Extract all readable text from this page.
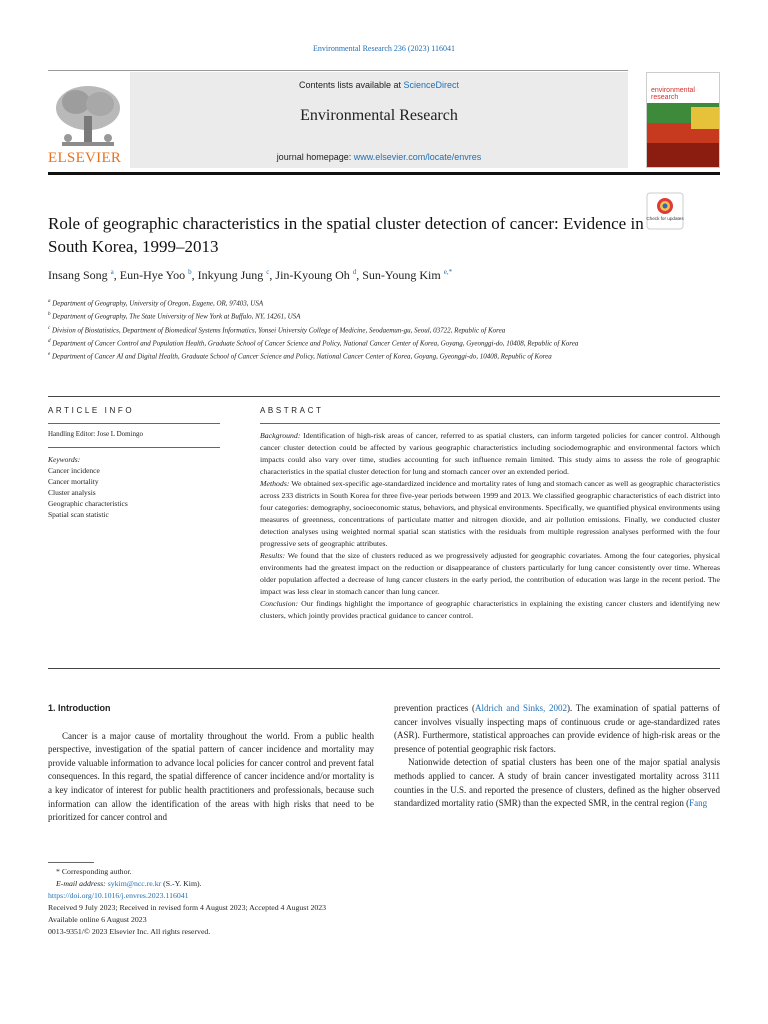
Environmental Research 236 (2023) 116041
ELSEVIER
Contents lists available at ScienceDirect
Environmental Research
journal homepage: www.elsevier.com/locate/envres
environmental
research
Role of geographic characteristics in the spatial cluster detection of cancer: Evidence in South Korea, 1999–2013
Check for updates
Insang Song $^a$, Eun-Hye Yoo $^b$, Inkyung Jung $^c$, Jin-Kyoung Oh $^d$, Sun-Young Kim $^{e,*}$
$^a$ Department of Geography, University of Oregon, Eugene, OR, 97403, USA
$^b$ Department of Geography, The State University of New York at Buffalo, NY, 14261, USA
$^c$ Division of Biostatistics, Department of Biomedical Systems Informatics, Yonsei University College of Medicine, Seodaemun-gu, Seoul, 03722, Republic of Korea
$^d$ Department of Cancer Control and Population Health, Graduate School of Cancer Science and Policy, National Cancer Center of Korea, Goyang, Gyeonggi-do, 10408, Republic of Korea
$^e$ Department of Cancer AI and Digital Health, Graduate School of Cancer Science and Policy, National Cancer Center of Korea, Goyang, Gyeonggi-do, 10408, Republic of Korea
ARTICLE INFO	ABSTRACT
Handling Editor: Jose L Domingo
Keywords:
Cancer incidence
Cancer mortality
Cluster analysis
Geographic characteristics
Spatial scan statistic
Background: Identification of high-risk areas of cancer, referred to as spatial clusters, can inform targeted policies for cancer control. Although cancer cluster detection could be affected by various geographic characteristics including sociodemographic and environmental factors which impacts could also vary over time, studies accounting for such influence remain limited. This study aims to assess the role of geographic characteristics in the spatial cluster detection for lung and stomach cancer over an extended period.
Methods: We obtained sex-specific age-standardized incidence and mortality rates of lung and stomach cancer as well as geographic characteristics across 233 districts in South Korea for three five-year periods between 1999 and 2013. We classified geographic characteristics of each district into four categories: demography, socioeconomic status, behaviors, and physical environments. Specifically, we quantified physical environments using measures of greenness, concentrations of particulate matter and nitrogen dioxide, and air pollution emissions. Finally, we conducted cluster detection analyses using weighted normal spatial scan statistics with the residuals from multiple regression analyses performed with the four progressive sets of geographic attributes.
Results: We found that the size of clusters reduced as we progressively adjusted for geographic covariates. Among the four categories, physical environments had the greatest impact on the reduction or disappearance of clusters particularly for lung cancer consistently over time. Whereas older population affected a decrease of lung cancer clusters in the early period, the contribution of education was large in the recent period. The impact was less clear in stomach cancer than lung cancer.
Conclusion: Our findings highlight the importance of geographic characteristics in explaining the existing cancer clusters and identifying new clusters, which jointly provides practical guidance to cancer control.
1. Introduction

Cancer is a major cause of mortality throughout the world. From a public health perspective, investigation of the spatial pattern of cancer incidence and mortality may provide valuable information to advance local policies for cancer control and prevent fatal consequences. In this regard, the spatial difference of cancer incidence and/or mortality is a key indicator of interest for public health practitioners and professionals, because such information can allow the identification of the areas with high risks that need to be prioritized for cancer control and

prevention practices (Aldrich and Sinks, 2002). The examination of spatial patterns of cancer involves visually inspecting maps of continuous crude or age-standardized rates (ASR). Furthermore, statistical approaches can provide evidence of high-risk areas or the presence of potential geographic risk factors.

Nationwide detection of spatial clusters has been one of the major spatial analysis methods applied to cancer. A study of brain cancer investigated mortality across 3111 counties in the U.S. and reported the presence of clusters, defined as the higher observed standardized mortality ratio (SMR) than the expected SMR, in the central region (Fang

* Corresponding author.
E-mail address: sykim@ncc.re.kr (S.-Y. Kim).
https://doi.org/10.1016/j.envres.2023.116041
Received 9 July 2023; Received in revised form 4 August 2023; Accepted 4 August 2023
Available online 6 August 2023
0013-9351/© 2023 Elsevier Inc. All rights reserved.
